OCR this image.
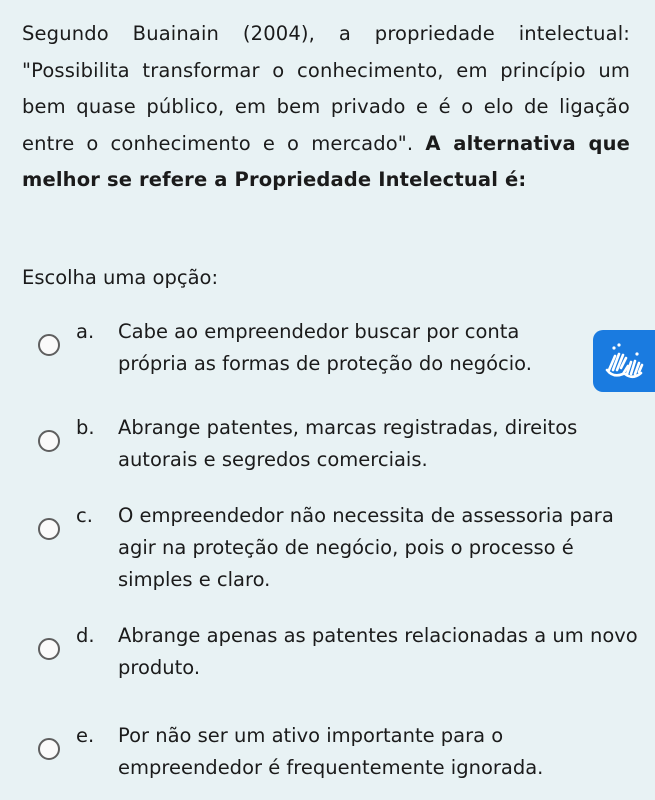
Segundo Buainain (2004), a propriedade intelectual: "Possibilita transformar o conhecimento, em princípio um bem quase público, em bem privado e é o elo de ligação entre o conhecimento e o mercado". A alternativa que melhor se refere a Propriedade Intelectual é:
Escolha uma opção:
a. Cabe ao empreendedor buscar por conta própria as formas de proteção do negócio.
b. Abrange patentes, marcas registradas, direitos autorais e segredos comerciais.
c. O empreendedor não necessita de assessoria para agir na proteção de negócio, pois o processo é simples e claro.
d. Abrange apenas as patentes relacionadas a um novo produto.
e. Por não ser um ativo importante para o empreendedor é frequentemente ignorada.
